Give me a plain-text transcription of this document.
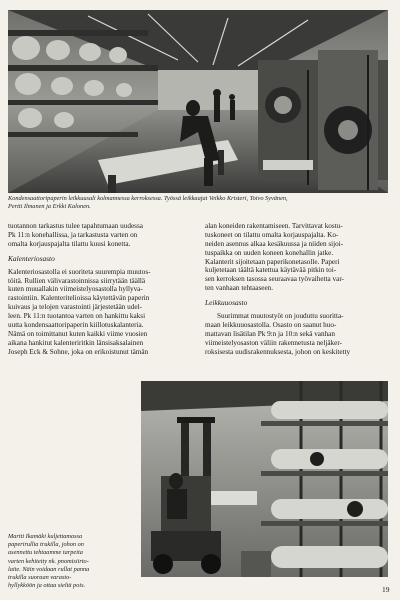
Kondensaattoripaperin leikkuusali kolmannessa kerroksessa. Työssä leikkaajat Veikko Kristeri, Toivo Syvänen,
Pertti Ilmanen ja Erkki Kalonen.
tuotannon tarkastus tulee tapahtumaan uudessa
Pk 11:n konehallissa, ja tarkastusta varten on
omalta korjauspajalta tilattu kuusi konetta.
Kalenteriosasto
Kalenteriosastolla ei suoriteta suurempia muutos-
töitä. Rullien välivarastoinnissa siirrytään täällä
kuten muuallakin viimeistelyosastolla hyllyva-
rastointiin. Kalenteritelioissa käytettävän paperin
kuivaus ja telojen varastointi järjestetään udel-
leen. Pk 11:n tuotantoa varten on hankittu kaksi
uutta kondensaattoripaperin kiillotuskalanteria.
Nämä on toimittanut kuten kaikki viime vuosien
aikana hankitut kalenteriritkin länsisaksalainen
Joseph Eck & Sohne, joka on erikoistunut tämän
alan koneiden rakentamiseen. Tarvittavat kostu-
tuskoneet on tilattu omalta korjauspajalta. Ko-
neiden asennus alkaa kesäkuussa ja niiden sijoi-
tuspaikka on uuden koneen konehallin jatke.
Kalanterit sijoitetaan paperikonetasolle. Paperi
kuljetetaan täältä katettua käytävää pitkin toi-
sen kerroksen tasossa seuraavaa työvaihetta var-
ten vanhaan tehtaaseen.
Leikkuuosasto
Suurimmat muutostyöt on jouduttu suoritta-
maan leikkuuosastolla. Osasto on saanut huo-
mattavan lisätilan Pk 9:n ja 10:n sekä vanhan
viimeistelyosaston väliin rakennetusta neljäker-
roksisesta uudisrakennuksesta, johon on keskitetty
Martti Ikamäki kuljettamassa
paperirullia trukilla, johon on
asennettu tehtaamme tarpeita
varten kehitetty nk. pnomisiirto-
laite. Näin voidaan rullat panna
trukilla suoraan varasto-
hyllykköön ja ottaa sieltä pois.	19
